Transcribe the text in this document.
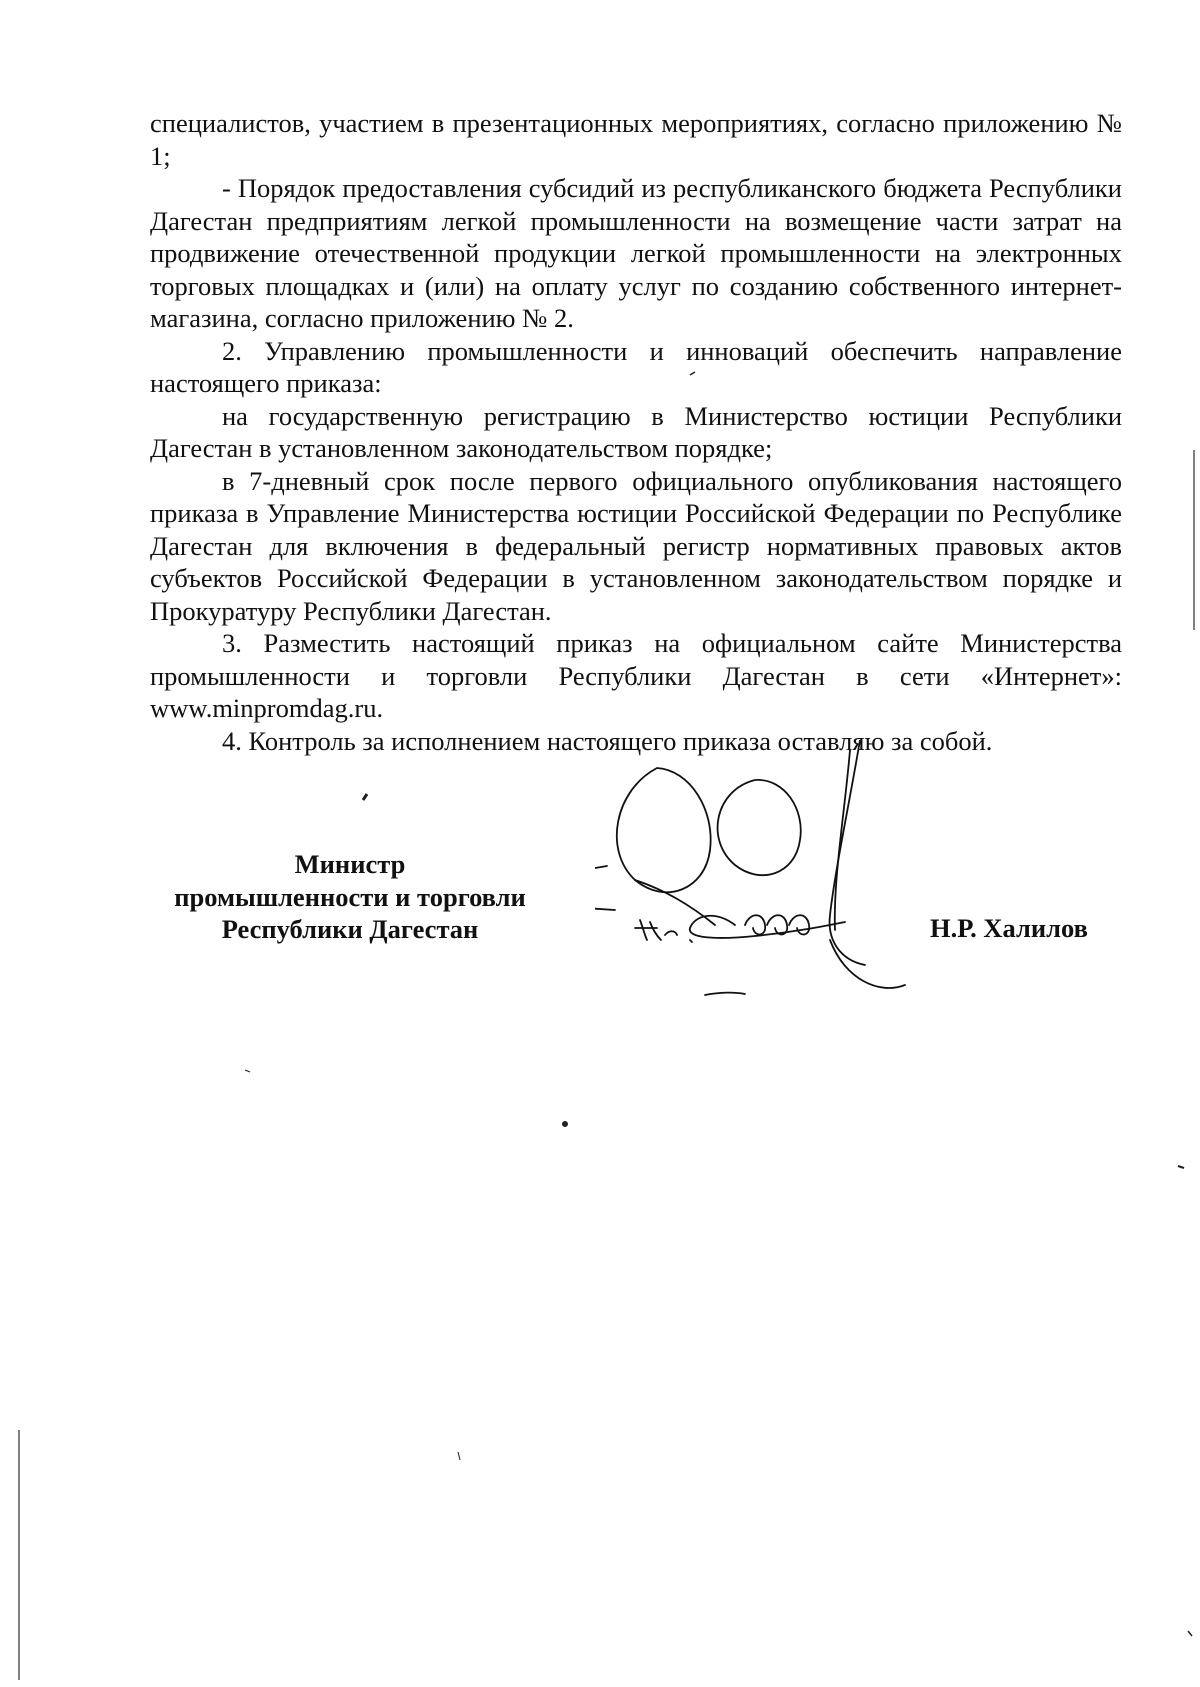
специалистов, участием в презентационных мероприятиях, согласно приложению № 1;

- Порядок предоставления субсидий из республиканского бюджета Республики Дагестан предприятиям легкой промышленности на возмещение части затрат на продвижение отечественной продукции легкой промышленности на электронных торговых площадках и (или) на оплату услуг по созданию собственного интернет-магазина, согласно приложению № 2.

2. Управлению промышленности и инноваций обеспечить направление настоящего приказа:

на государственную регистрацию в Министерство юстиции Республики Дагестан в установленном законодательством порядке;

в 7-дневный срок после первого официального опубликования настоящего приказа в Управление Министерства юстиции Российской Федерации по Республике Дагестан для включения в федеральный регистр нормативных правовых актов субъектов Российской Федерации в установленном законодательством порядке и Прокуратуру Республики Дагестан.

3. Разместить настоящий приказ на официальном сайте Министерства промышленности и торговли Республики Дагестан в сети «Интернет»: www.minpromdag.ru.

4. Контроль за исполнением настоящего приказа оставляю за собой.

Министр
промышленности и торговли
Республики Дагестан	Н.Р. Халилов
